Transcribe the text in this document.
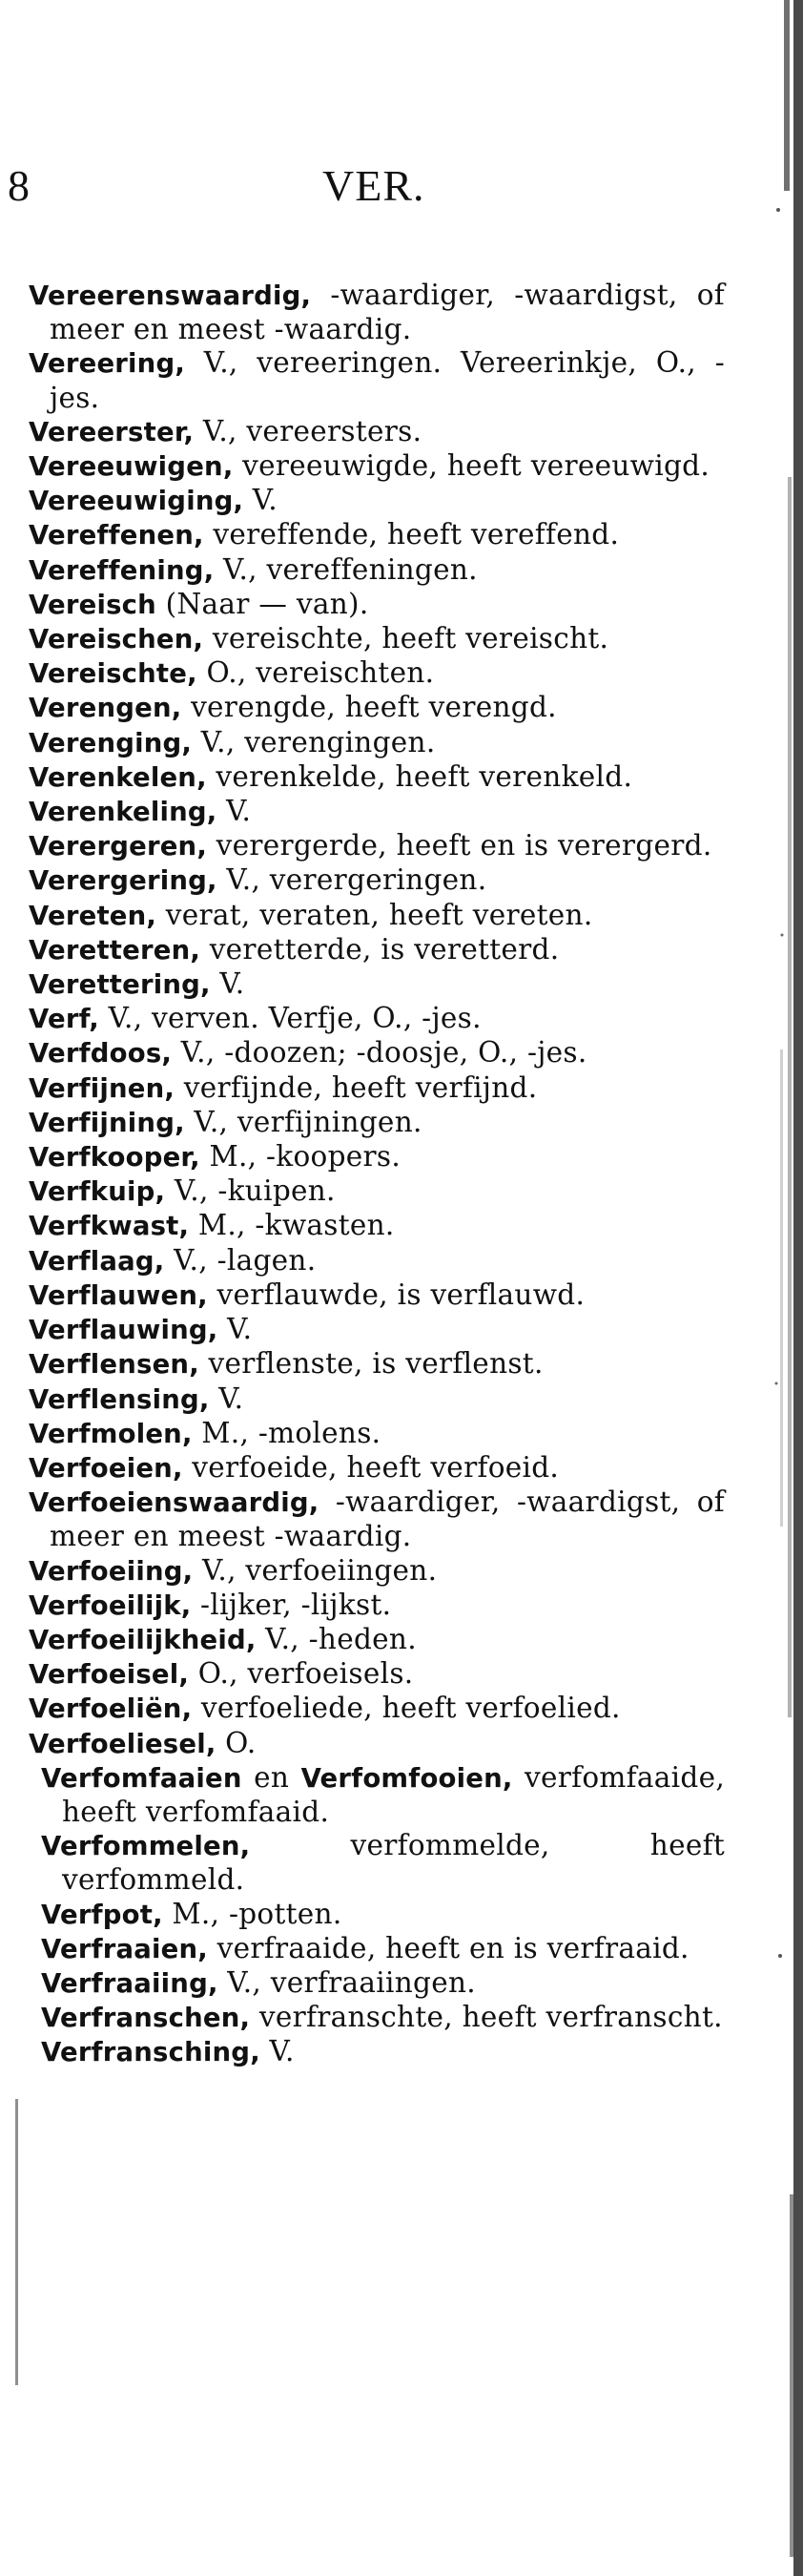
8	VER.
Vereerenswaardig, -waardiger, -waardigst, of meer en meest -waardig.
Vereering, V., vereeringen. Vereerinkje, O., -jes.
Vereerster, V., vereersters.
Vereeuwigen, vereeuwigde, heeft vereeuwigd.
Vereeuwiging, V.
Vereffenen, vereffende, heeft vereffend.
Vereffening, V., vereffeningen.
Vereisch (Naar — van).
Vereischen, vereischte, heeft vereischt.
Vereischte, O., vereischten.
Verengen, verengde, heeft verengd.
Verenging, V., verengingen.
Verenkelen, verenkelde, heeft verenkeld.
Verenkeling, V.
Verergeren, verergerde, heeft en is verergerd.
Verergering, V., verergeringen.
Vereten, verat, veraten, heeft vereten.
Veretteren, veretterde, is veretterd.
Verettering, V.
Verf, V., verven. Verfje, O., -jes.
Verfdoos, V., -doozen; -doosje, O., -jes.
Verfijnen, verfijnde, heeft verfijnd.
Verfijning, V., verfijningen.
Verfkooper, M., -koopers.
Verfkuip, V., -kuipen.
Verfkwast, M., -kwasten.
Verflaag, V., -lagen.
Verflauwen, verflauwde, is verflauwd.
Verflauwing, V.
Verflensen, verflenste, is verflenst.
Verflensing, V.
Verfmolen, M., -molens.
Verfoeien, verfoeide, heeft verfoeid.
Verfoeienswaardig, -waardiger, -waardigst, of meer en meest -waardig.
Verfoeiing, V., verfoeiingen.
Verfoeilijk, -lijker, -lijkst.
Verfoeilijkheid, V., -heden.
Verfoeisel, O., verfoeisels.
Verfoeliën, verfoeliede, heeft verfoelied.
Verfoeliesel, O.
Verfomfaaien en Verfomfooien, verfomfaaide, heeft verfomfaaid.
Verfommelen, verfommelde, heeft verfommeld.
Verfpot, M., -potten.
Verfraaien, verfraaide, heeft en is verfraaid.
Verfraaiing, V., verfraaiingen.
Verfranschen, verfranschte, heeft verfranscht.
Verfransching, V.
